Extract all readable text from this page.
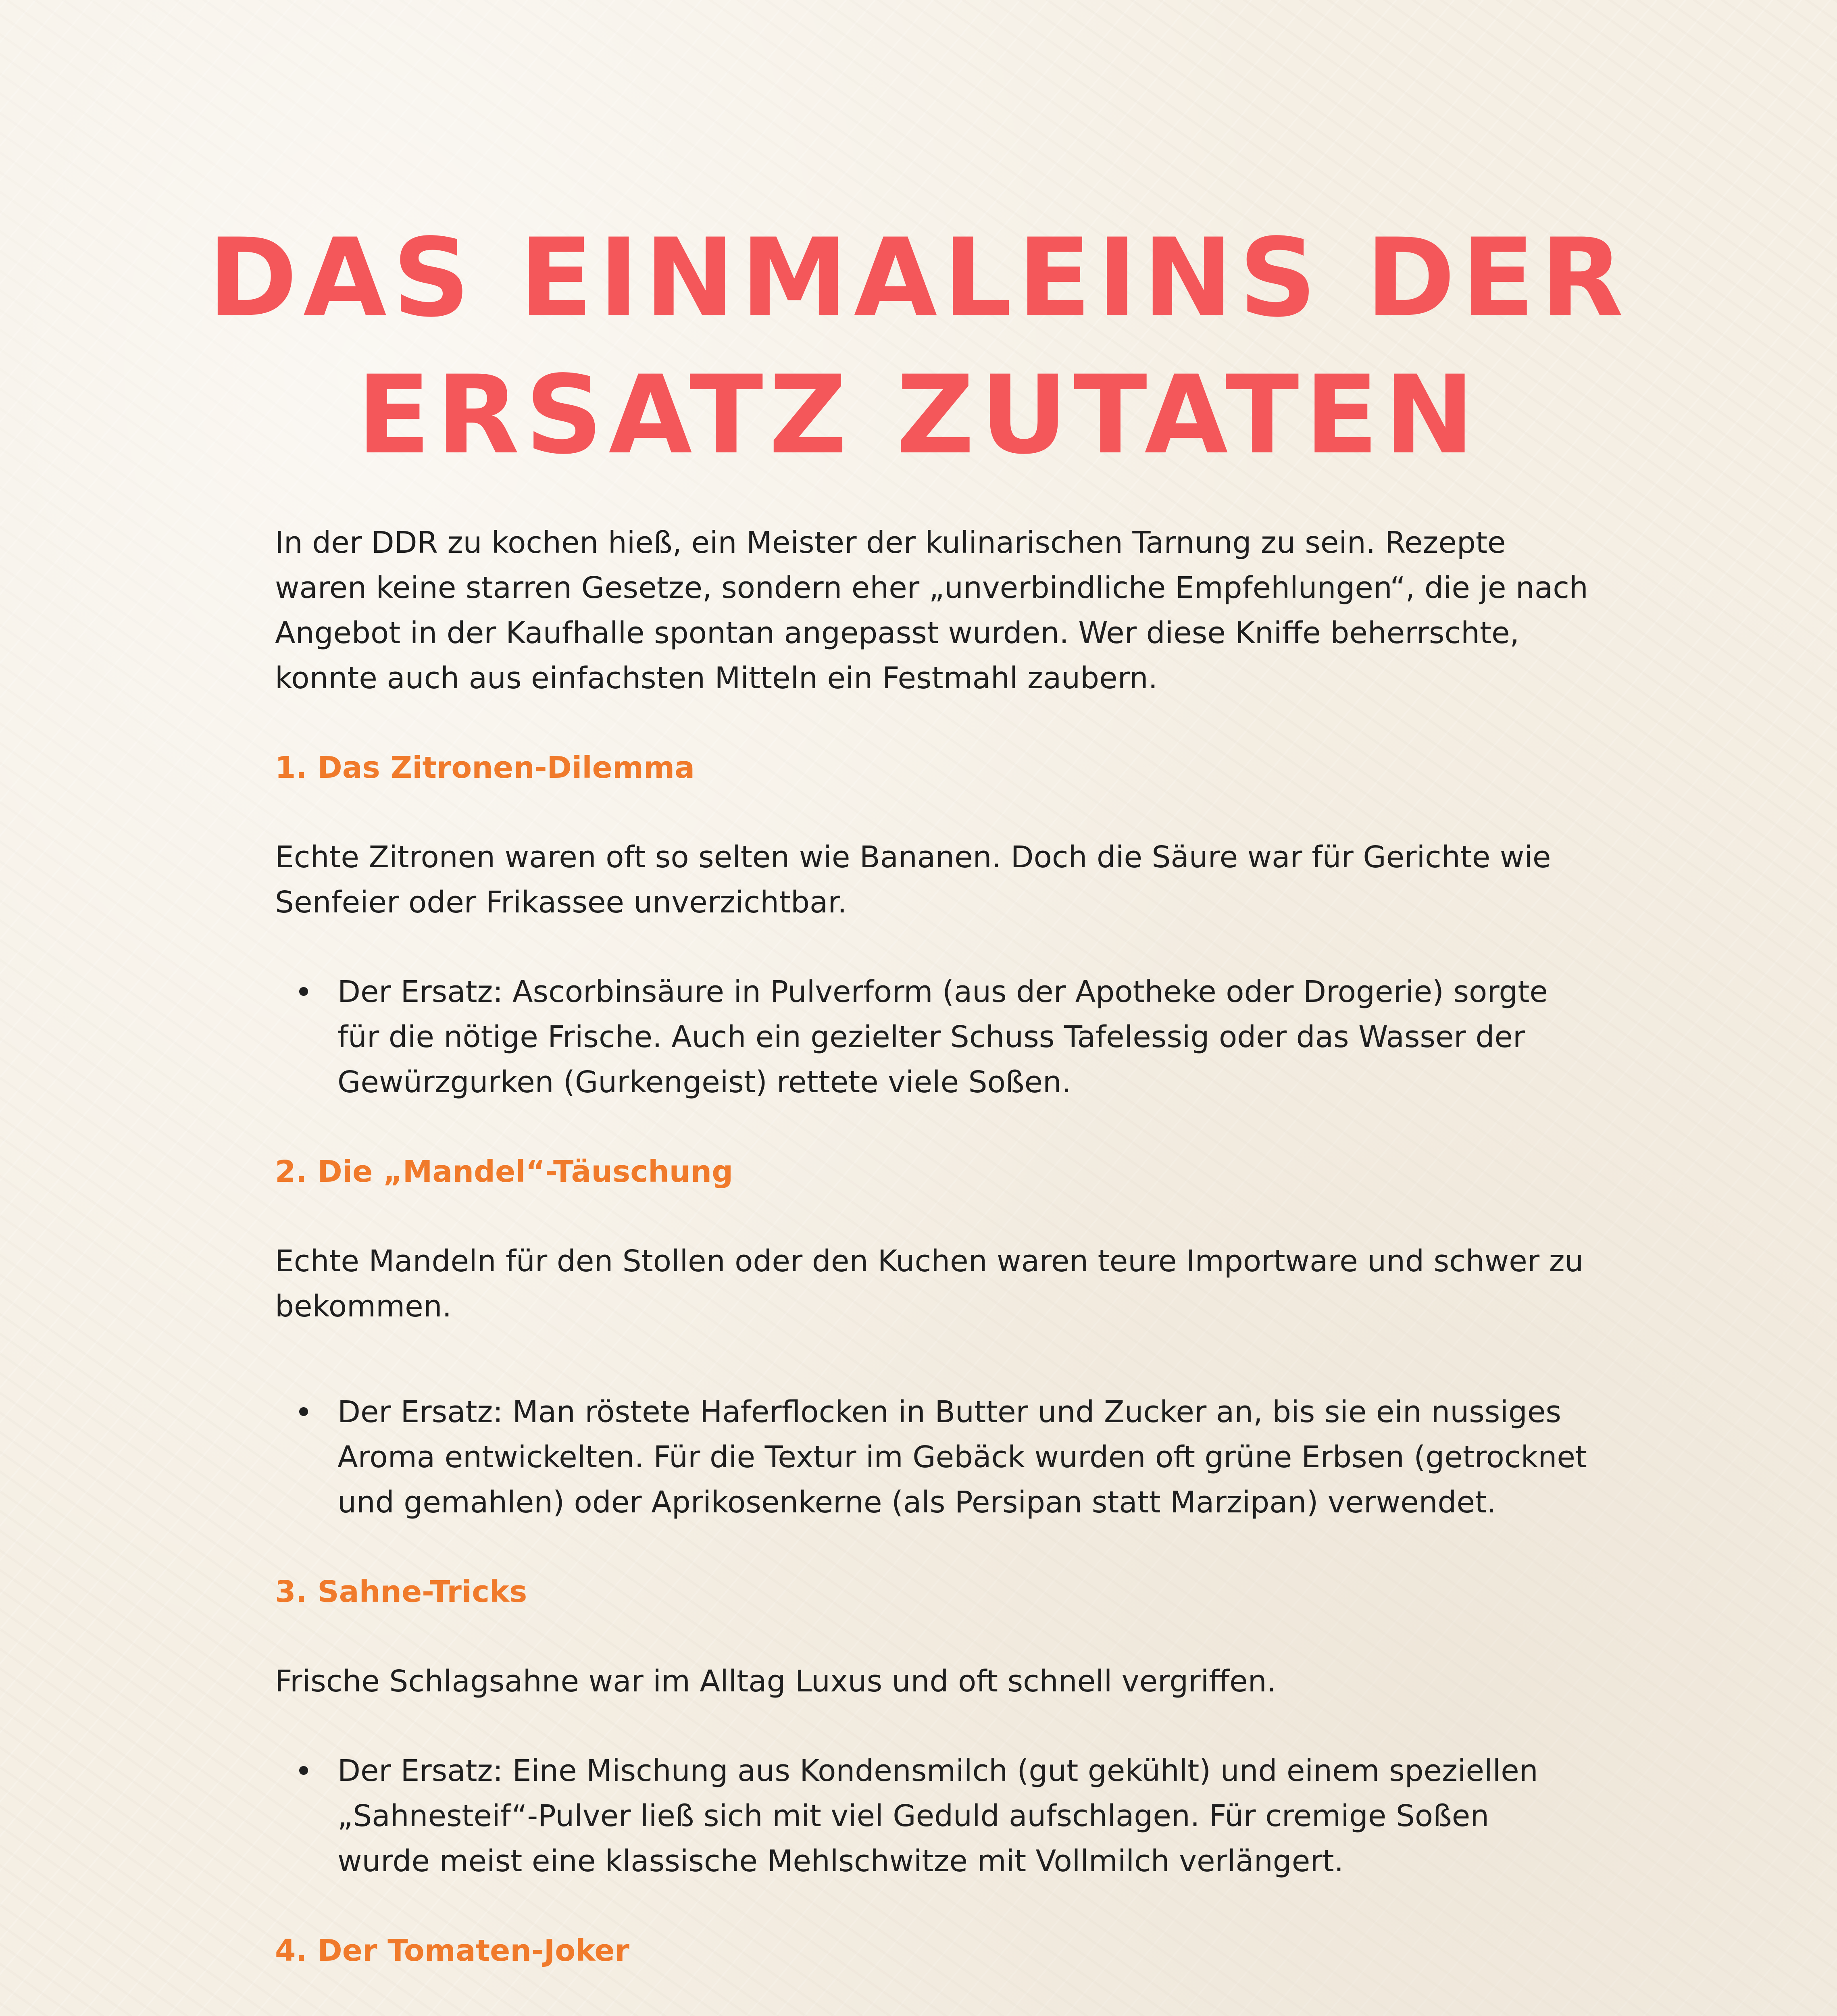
DAS EINMALEINS DER
ERSATZ ZUTATEN

In der DDR zu kochen hieß, ein Meister der kulinarischen Tarnung zu sein. Rezepte waren keine starren Gesetze, sondern eher „unverbindliche Empfehlungen“, die je nach Angebot in der Kaufhalle spontan angepasst wurden. Wer diese Kniffe beherrschte, konnte auch aus einfachsten Mitteln ein Festmahl zaubern.

1. Das Zitronen-Dilemma

Echte Zitronen waren oft so selten wie Bananen. Doch die Säure war für Gerichte wie Senfeier oder Frikassee unverzichtbar.

Der Ersatz: Ascorbinsäure in Pulverform (aus der Apotheke oder Drogerie) sorgte für die nötige Frische. Auch ein gezielter Schuss Tafelessig oder das Wasser der Gewürzgurken (Gurkengeist) rettete viele Soßen.

2. Die „Mandel“-Täuschung

Echte Mandeln für den Stollen oder den Kuchen waren teure Importware und schwer zu bekommen.

Der Ersatz: Man röstete Haferflocken in Butter und Zucker an, bis sie ein nussiges Aroma entwickelten. Für die Textur im Gebäck wurden oft grüne Erbsen (getrocknet und gemahlen) oder Aprikosenkerne (als Persipan statt Marzipan) verwendet.

3. Sahne-Tricks

Frische Schlagsahne war im Alltag Luxus und oft schnell vergriffen.

Der Ersatz: Eine Mischung aus Kondensmilch (gut gekühlt) und einem speziellen „Sahnesteif“-Pulver ließ sich mit viel Geduld aufschlagen. Für cremige Soßen wurde meist eine klassische Mehlschwitze mit Vollmilch verlängert.

4. Der Tomaten-Joker
